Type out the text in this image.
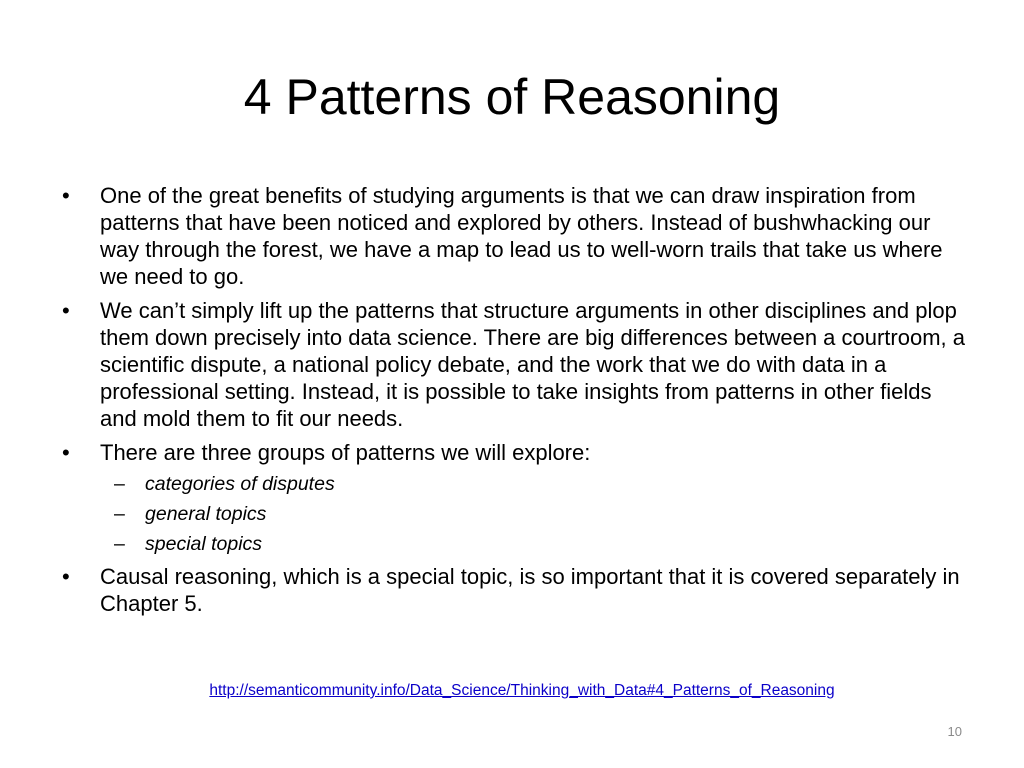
4 Patterns of Reasoning
•	One of the great benefits of studying arguments is that we can draw inspiration from patterns that have been noticed and explored by others. Instead of bushwhacking our way through the forest, we have a map to lead us to well-worn trails that take us where we need to go.
•	We can’t simply lift up the patterns that structure arguments in other disciplines and plop them down precisely into data science. There are big differences between a courtroom, a scientific dispute, a national policy debate, and the work that we do with data in a professional setting. Instead, it is possible to take insights from patterns in other fields and mold them to fit our needs.
•	There are three groups of patterns we will explore:
– categories of disputes
– general topics
– special topics
•	Causal reasoning, which is a special topic, is so important that it is covered separately in Chapter 5.
http://semanticommunity.info/Data_Science/Thinking_with_Data#4_Patterns_of_Reasoning
10
